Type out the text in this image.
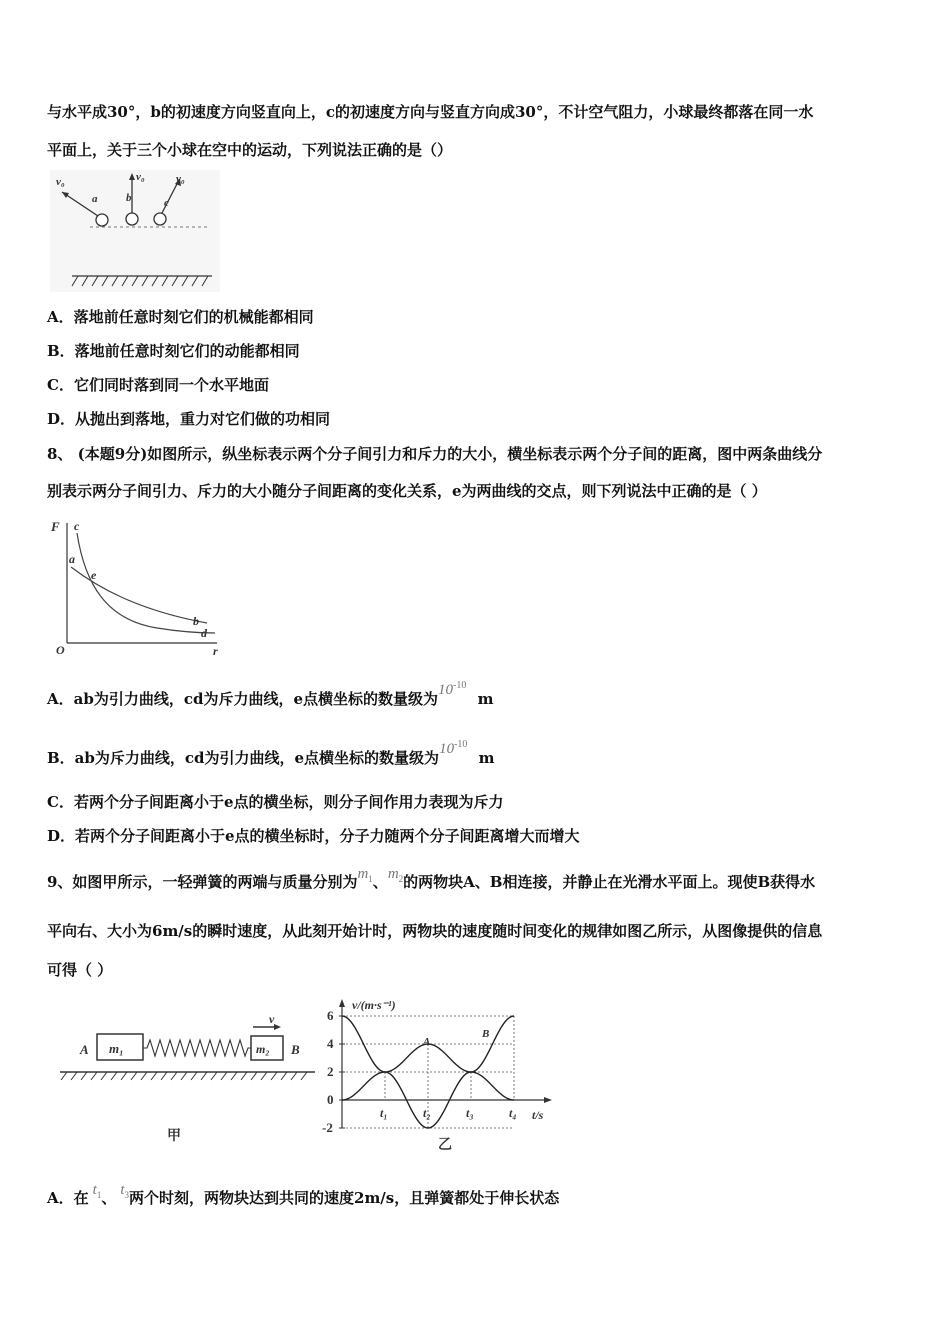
与水平成30°，b的初速度方向竖直向上，c的初速度方向与竖直方向成30°，不计空气阻力，小球最终都落在同一水
平面上，关于三个小球在空中的运动，下列说法正确的是（）
v₀
a
v₀
b
v₀
c
A．落地前任意时刻它们的机械能都相同
B．落地前任意时刻它们的动能都相同
C．它们同时落到同一个水平地面
D．从抛出到落地，重力对它们做的功相同
8、 (本题9分)如图所示，纵坐标表示两个分子间引力和斥力的大小，横坐标表示两个分子间的距离，图中两条曲线分
别表示两分子间引力、斥力的大小随分子间距离的变化关系，e为两曲线的交点，则下列说法中正确的是（ ）
F
r
O
c
a
e
b
d
A．ab为引力曲线，cd为斥力曲线，e点横坐标的数量级为$10^{-10}$ m
B．ab为斥力曲线，cd为引力曲线，e点横坐标的数量级为$10^{-10}$ m
C．若两个分子间距离小于e点的横坐标，则分子间作用力表现为斥力
D．若两个分子间距离小于e点的横坐标时，分子力随两个分子间距离增大而增大
9、如图甲所示，一轻弹簧的两端与质量分别为$m_1$、$m_2$的两物块A、B相连接，并静止在光滑水平面上。现使B获得水
平向右、大小为6m/s的瞬时速度，从此刻开始计时，两物块的速度随时间变化的规律如图乙所示，从图像提供的信息
可得（ ）
m₁
A	m₂ B
v
甲
v/(m·s⁻¹)
t/s
6
4
2
0
-2
t₁	t₂	t₃	t₄
A
B
乙
A．在 $t_1$、 $t_3$两个时刻，两物块达到共同的速度2m/s，且弹簧都处于伸长状态
